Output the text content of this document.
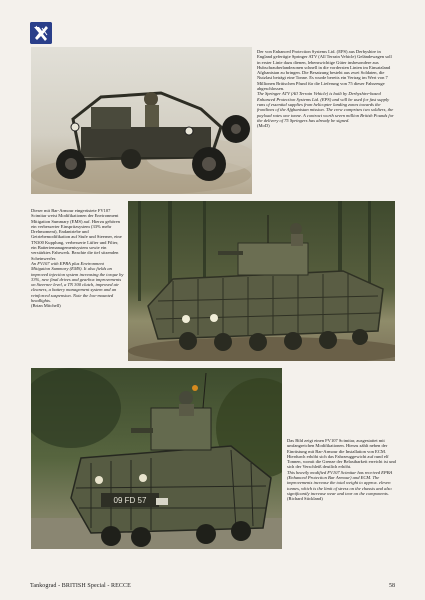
Der von Enhanced Protection Systems Ltd. (EPS) aus Derbyshire in England gefertigte Springer ATV (All Terrain Vehicle) Geländewagen soll in erster Linie dazu dienen, lebenswichtige Güter insbesondere aus Hubschrauberlandezonen schnell in die vordersten Linien im Einsatzland Afghanistan zu bringen. Die Besatzung besteht aus zwei Soldaten, die Nutzlast beträgt eine Tonne. Es wurde bereits ein Vertrag im Wert von 7 Millionen Britischen Pfund für die Lieferung von 75 dieser Fahrzeuge abgeschlossen.

The Springer ATV (All Terrain Vehicle) is built by Derbyshire-based Enhanced Protection Systems Ltd. (EPS) and will be used for fast supply runs of essential supplies from helicopter landing zones towards the frontlines of the Afghanistan mission. The crew comprises two soldiers, the payload rates one tonne. A contract worth seven million British Pounds for the delivery of 75 Springers has already be signed.

(MoD)

Dieser mit Bar-Armour eingerüstete FV107 Scimitar weist Modifikationen der Environment Mitigation Summary (EMS) auf. Hierzu gehören ein verbesserter Einspritzsystem (33% mehr Drehmoment), Endantriebe und Getriebemodifikation auf Stufe und Steerner, eine TN300 Kupplung, verbesserte Lüfter und Filter, ein Batteriemanagementsystem sowie ein verstärktes Fahrwerk. Beachte die tief sitzenden Scheinwerfer.

An FV107 with EPBA plus Environment Mitigation Summary (EMS). It also fields an improved injection system increasing the torque by 33%, new final drives and gearbox improvements on Steerner level, a TN 300 clutch, improved air cleaners, a battery management system and an reinforced suspension. Note the low-mounted headlights.

(Brian Mitchell)

09 FD 57

Das Bild zeigt einen FV107 Scimitar, ausgestattet mit umfangreichen Modifikationen. Hierzu zählt neben der Einrüstung mit Bar-Armour die Installation von ECM. Hierdurch erhöht sich das Fahrzeuggewicht auf rund elf Tonnen, womit die Grenze der Belastbarkeit erreicht ist und sich der Verschleiß deutlich erhöht.

This heavily modified FV107 Scimitar has received EPBA (Enhanced Protection Bar Armour) and ECM. The improvements increase the total weight to approx. eleven tonnes, which is the limit of stress on the chassis and also significantly increase wear and tear on the components.

(Richard Stickland)

Tankograd - BRITISH Special - RECCE	58
